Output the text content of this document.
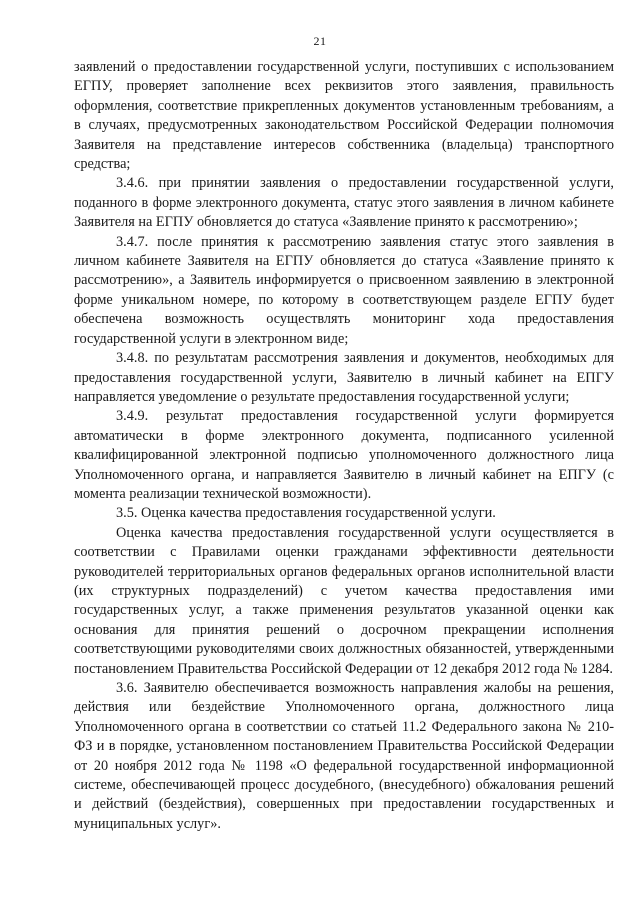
21

заявлений о предоставлении государственной услуги, поступивших с использованием ЕГПУ, проверяет заполнение всех реквизитов этого заявления, правильность оформления, соответствие прикрепленных документов установленным требованиям, а в случаях, предусмотренных законодательством Российской Федерации полномочия Заявителя на представление интересов собственника (владельца) транспортного средства;

3.4.6. при принятии заявления о предоставлении государственной услуги, поданного в форме электронного документа, статус этого заявления в личном кабинете Заявителя на ЕГПУ обновляется до статуса «Заявление принято к рассмотрению»;

3.4.7. после принятия к рассмотрению заявления статус этого заявления в личном кабинете Заявителя на ЕГПУ обновляется до статуса «Заявление принято к рассмотрению», а Заявитель информируется о присвоенном заявлению в электронной форме уникальном номере, по которому в соответствующем разделе ЕГПУ будет обеспечена возможность осуществлять мониторинг хода предоставления государственной услуги в электронном виде;

3.4.8. по результатам рассмотрения заявления и документов, необходимых для предоставления государственной услуги, Заявителю в личный кабинет на ЕПГУ направляется уведомление о результате предоставления государственной услуги;

3.4.9. результат предоставления государственной услуги формируется автоматически в форме электронного документа, подписанного усиленной квалифицированной электронной подписью уполномоченного должностного лица Уполномоченного органа, и направляется Заявителю в личный кабинет на ЕПГУ (с момента реализации технической возможности).

3.5. Оценка качества предоставления государственной услуги.

Оценка качества предоставления государственной услуги осуществляется в соответствии с Правилами оценки гражданами эффективности деятельности руководителей территориальных органов федеральных органов исполнительной власти (их структурных подразделений) с учетом качества предоставления ими государственных услуг, а также применения результатов указанной оценки как основания для принятия решений о досрочном прекращении исполнения соответствующими руководителями своих должностных обязанностей, утвержденными постановлением Правительства Российской Федерации от 12 декабря 2012 года № 1284.

3.6. Заявителю обеспечивается возможность направления жалобы на решения, действия или бездействие Уполномоченного органа, должностного лица Уполномоченного органа в соответствии со статьей 11.2 Федерального закона № 210-ФЗ и в порядке, установленном постановлением Правительства Российской Федерации от 20 ноября 2012 года № 1198 «О федеральной государственной информационной системе, обеспечивающей процесс досудебного, (внесудебного) обжалования решений и действий (бездействия), совершенных при предоставлении государственных и муниципальных услуг».
